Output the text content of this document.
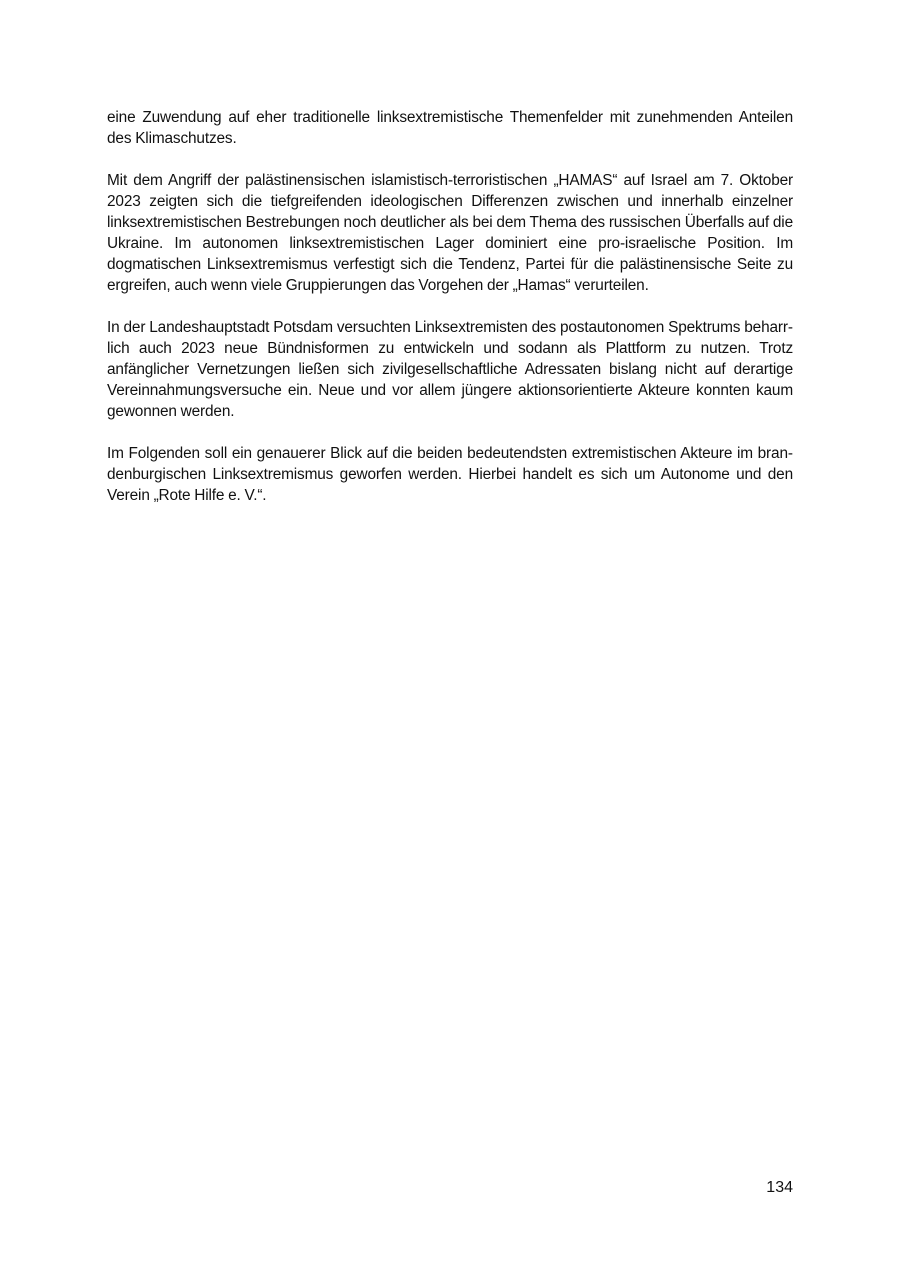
eine Zuwendung auf eher traditionelle linksextremistische Themenfelder mit zunehmenden Anteilen des Klimaschutzes.

Mit dem Angriff der palästinensischen islamistisch-terroristischen „HAMAS“ auf Israel am 7. Oktober 2023 zeigten sich die tiefgreifenden ideologischen Differenzen zwischen und innerhalb einzelner linksextremistischen Bestrebungen noch deutlicher als bei dem Thema des russischen Überfalls auf die Ukraine. Im autonomen linksextremistischen Lager dominiert eine pro-israelische Position. Im dogmatischen Linksextremismus verfestigt sich die Tendenz, Partei für die palästinensische Seite zu ergreifen, auch wenn viele Gruppierungen das Vorgehen der „Hamas“ verurteilen.

In der Landeshauptstadt Potsdam versuchten Linksextremisten des postautonomen Spektrums beharrlich auch 2023 neue Bündnisformen zu entwickeln und sodann als Plattform zu nutzen. Trotz anfänglicher Vernetzungen ließen sich zivilgesellschaftliche Adressaten bislang nicht auf derartige Vereinnahmungsversuche ein. Neue und vor allem jüngere aktionsorientierte Akteure konnten kaum gewonnen werden.

Im Folgenden soll ein genauerer Blick auf die beiden bedeutendsten extremistischen Akteure im brandenburgischen Linksextremismus geworfen werden. Hierbei handelt es sich um Autonome und den Verein „Rote Hilfe e. V.“.

134
